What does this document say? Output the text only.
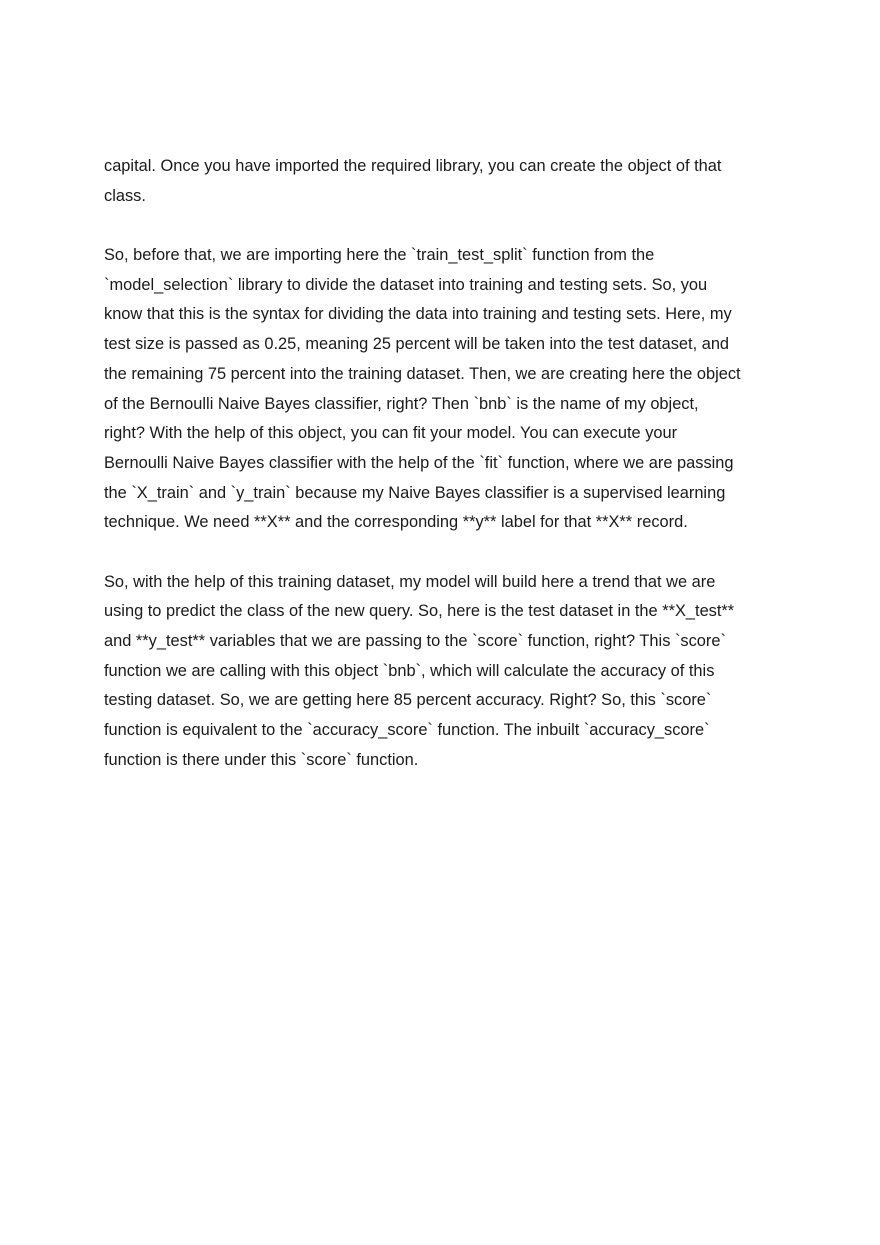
capital. Once you have imported the required library, you can create the object of that
class.
So, before that, we are importing here the `train_test_split` function from the
`model_selection` library to divide the dataset into training and testing sets. So, you
know that this is the syntax for dividing the data into training and testing sets. Here, my
test size is passed as 0.25, meaning 25 percent will be taken into the test dataset, and
the remaining 75 percent into the training dataset. Then, we are creating here the object
of the Bernoulli Naive Bayes classifier, right? Then `bnb` is the name of my object,
right? With the help of this object, you can fit your model. You can execute your
Bernoulli Naive Bayes classifier with the help of the `fit` function, where we are passing
the `X_train` and `y_train` because my Naive Bayes classifier is a supervised learning
technique. We need **X** and the corresponding **y** label for that **X** record.
So, with the help of this training dataset, my model will build here a trend that we are
using to predict the class of the new query. So, here is the test dataset in the **X_test**
and **y_test** variables that we are passing to the `score` function, right? This `score`
function we are calling with this object `bnb`, which will calculate the accuracy of this
testing dataset. So, we are getting here 85 percent accuracy. Right? So, this `score`
function is equivalent to the `accuracy_score` function. The inbuilt `accuracy_score`
function is there under this `score` function.
